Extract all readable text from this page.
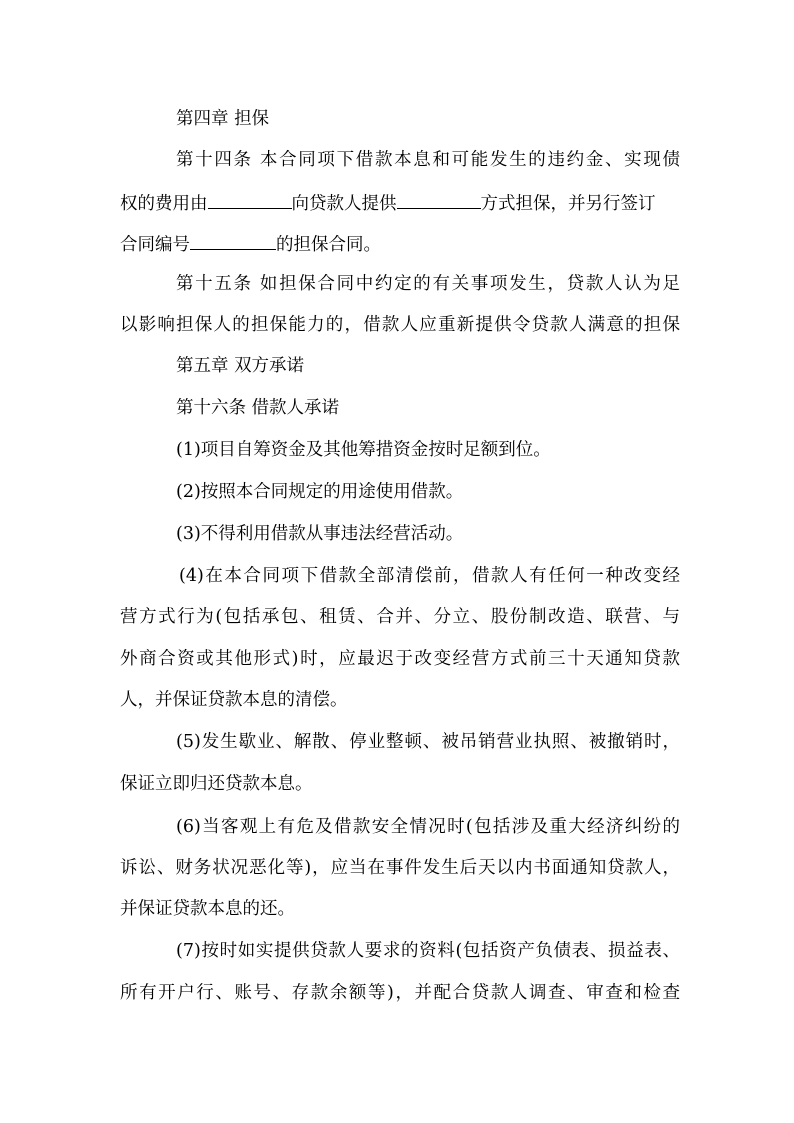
第四章 担保
第十四条 本合同项下借款本息和可能发生的违约金、实现债
权的费用由	向贷款人提供	方式担保，并另行签订
合同编号	的担保合同。
第十五条 如担保合同中约定的有关事项发生，贷款人认为足
以影响担保人的担保能力的，借款人应重新提供令贷款人满意的担保
第五章 双方承诺
第十六条 借款人承诺
(1)项目自筹资金及其他筹措资金按时足额到位。
(2)按照本合同规定的用途使用借款。
(3)不得利用借款从事违法经营活动。
(4)在本合同项下借款全部清偿前，借款人有任何一种改变经
营方式行为(包括承包、租赁、合并、分立、股份制改造、联营、与
外商合资或其他形式)时，应最迟于改变经营方式前三十天通知贷款
人，并保证贷款本息的清偿。
(5)发生歇业、解散、停业整顿、被吊销营业执照、被撤销时，
保证立即归还贷款本息。
(6)当客观上有危及借款安全情况时(包括涉及重大经济纠纷的
诉讼、财务状况恶化等)，应当在事件发生后天以内书面通知贷款人，
并保证贷款本息的还。
(7)按时如实提供贷款人要求的资料(包括资产负债表、损益表、
所有开户行、账号、存款余额等)，并配合贷款人调查、审查和检查
